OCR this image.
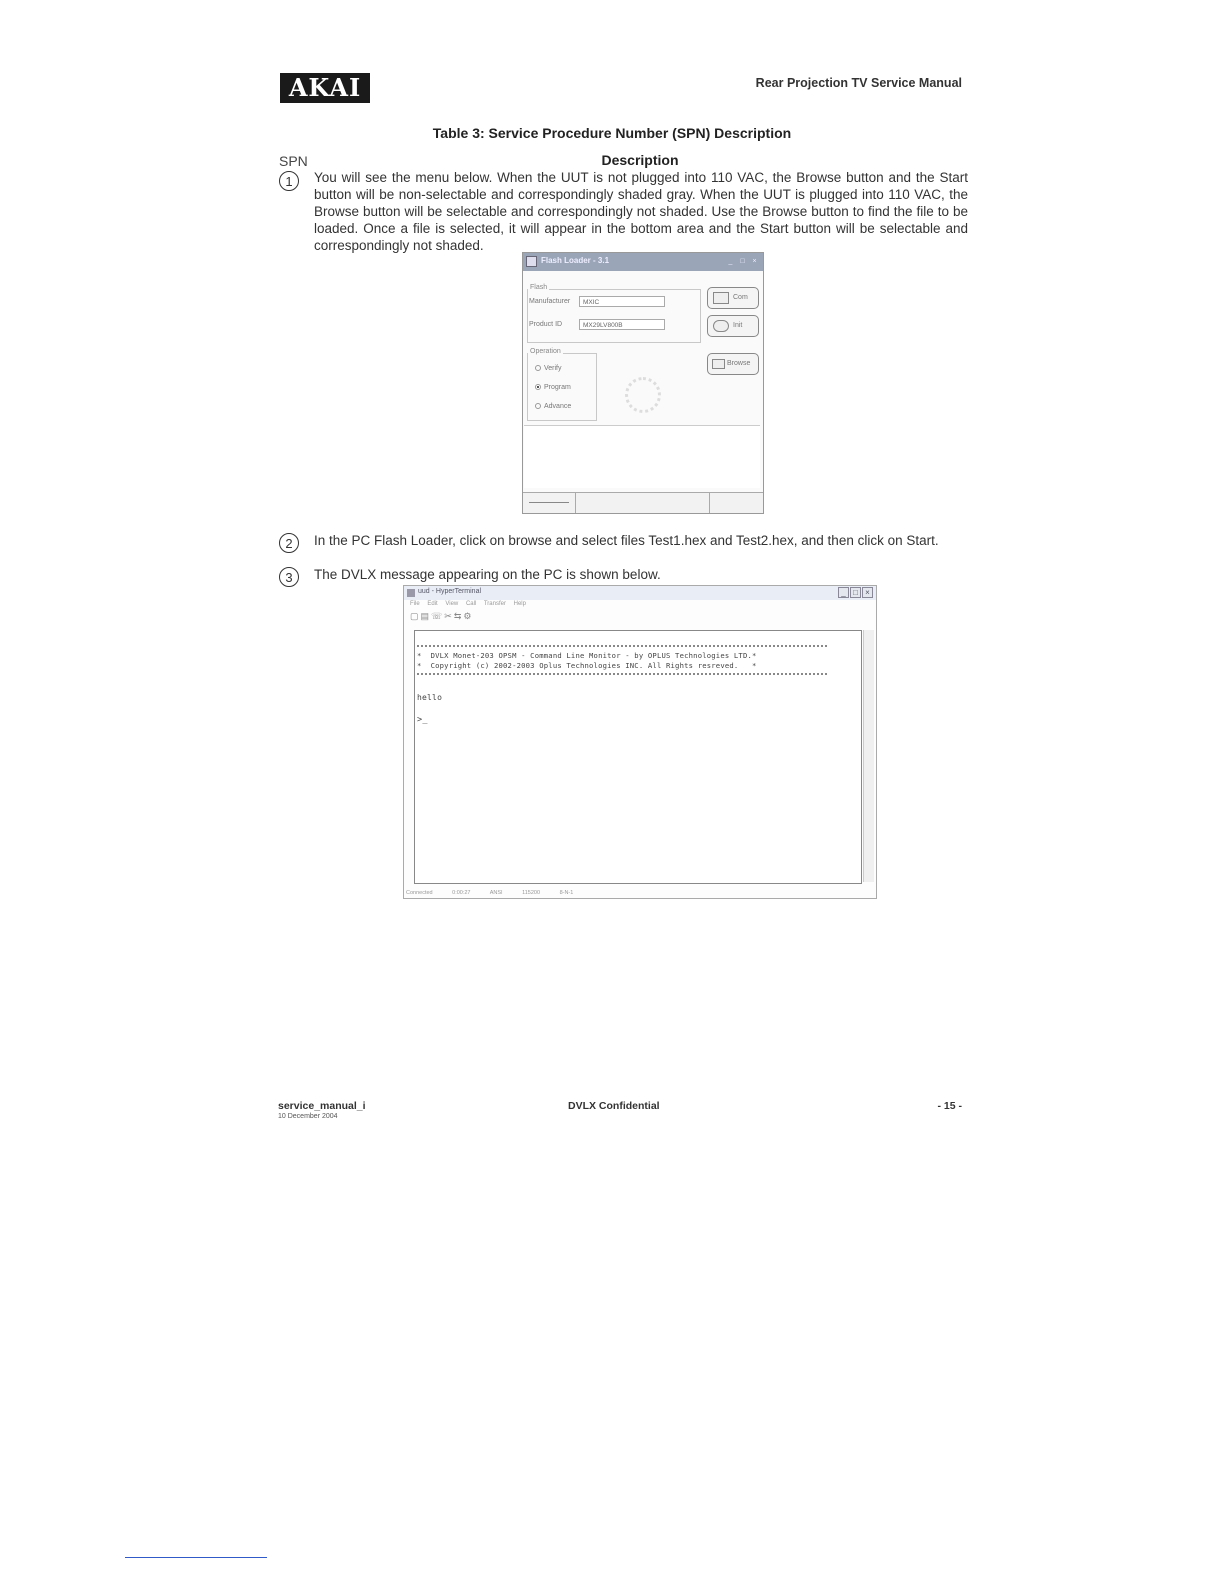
AKAI	Rear Projection TV Service Manual
Table 3: Service Procedure Number (SPN) Description
SPN	Description
1	You will see the menu below. When the UUT is not plugged into 110 VAC, the Browse button and the Start button will be non-selectable and correspondingly shaded gray. When the UUT is plugged into 110 VAC, the Browse button will be selectable and correspondingly not shaded. Use the Browse button to find the file to be loaded. Once a file is selected, it will appear in the bottom area and the Start button will be selectable and correspondingly not shaded.
Flash Loader - 3.1	_	□	×
Flash
Manufacturer	MXIC
Product ID	MX29LV800B
Operation
Verify
Program
Advance
Com
Init
Browse
2	In the PC Flash Loader, click on browse and select files Test1.hex and Test2.hex, and then click on Start.
3	The DVLX message appearing on the PC is shown below.
uud - HyperTerminal	_ □ ×
File Edit View Call Transfer Help
▢▤☏✂⇆⚙
*  DVLX Monet-203 OPSM - Command Line Monitor - by OPLUS Technologies LTD.*
*  Copyright (c) 2002-2003 Oplus Technologies INC. All Rights resreved.   *
hello
>_
Connected 0:00:27	ANSI	115200 8-N-1
service_manual_i
10 December 2004
DVLX Confidential	- 15 -
